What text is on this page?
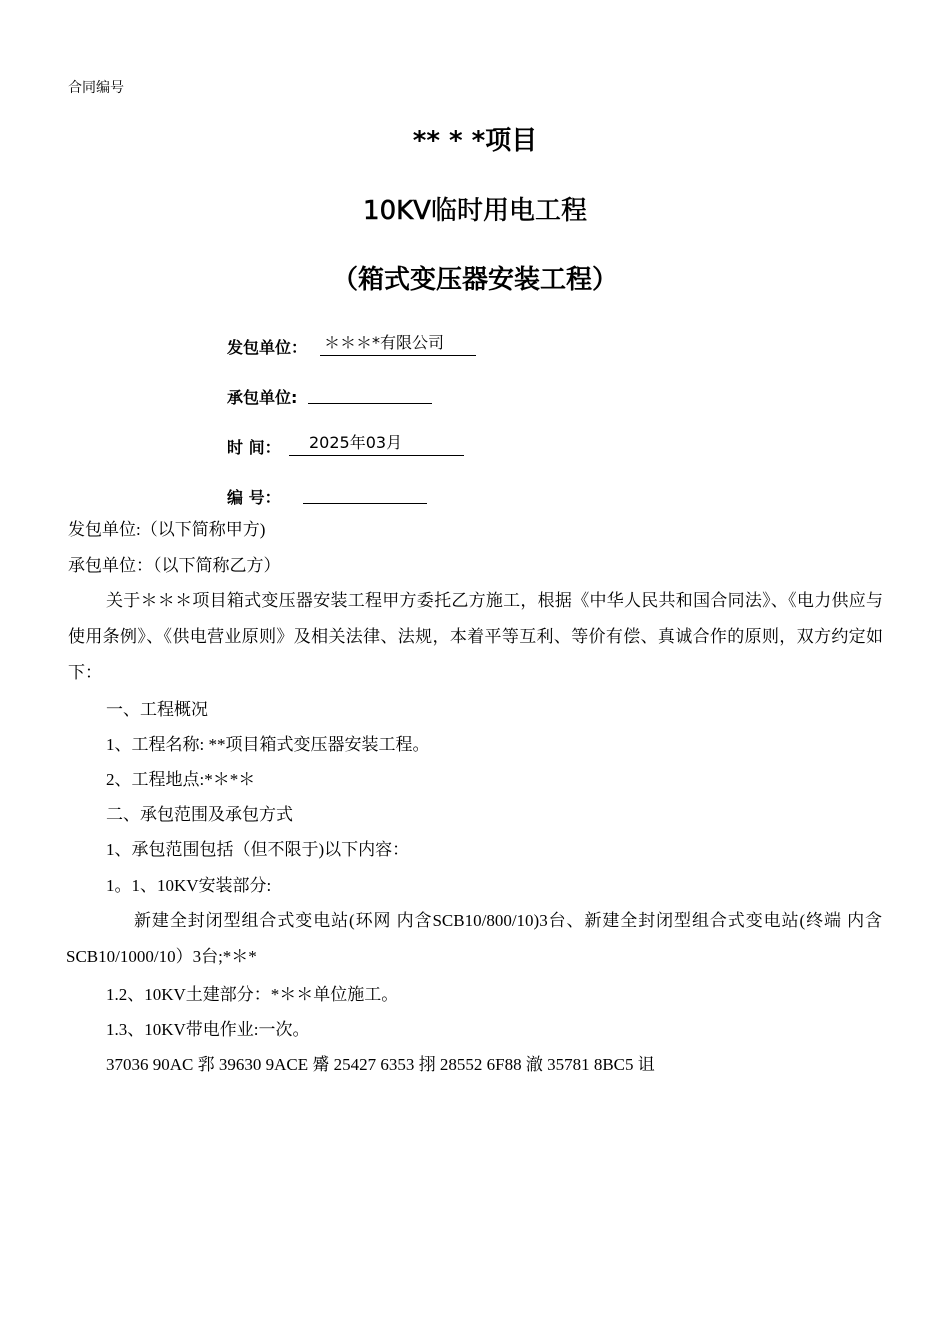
合同编号
** * *项目
10KV临时用电工程
（箱式变压器安装工程）
发包单位： ＊＊＊*有限公司
承包单位:
时 间：	2025年03月
编 号：
发包单位:（以下简称甲方)
承包单位：（以下简称乙方）
关于＊＊＊项目箱式变压器安装工程甲方委托乙方施工，根据《中华人民共和国合同法》、《电力供应与使用条例》、《供电营业原则》及相关法律、法规，本着平等互利、等价有偿、真诚合作的原则，双方约定如下：
一、工程概况
1、工程名称: **项目箱式变压器安装工程。
2、工程地点:*＊*＊
二、承包范围及承包方式
1、承包范围包括（但不限于)以下内容：
1。1、10KV安装部分:
新建全封闭型组合式变电站(环网 内含SCB10/800/10)3台、新建全封闭型组合式变电站(终端 内含SCB10/1000/10）3台;*＊*
1.2、10KV土建部分：*＊＊单位施工。
1.3、10KV带电作业:一次。
37036 90AC 郛 39630 9ACE 觱 25427 6353 挧 28552 6F88 澈 35781 8BC5 诅
